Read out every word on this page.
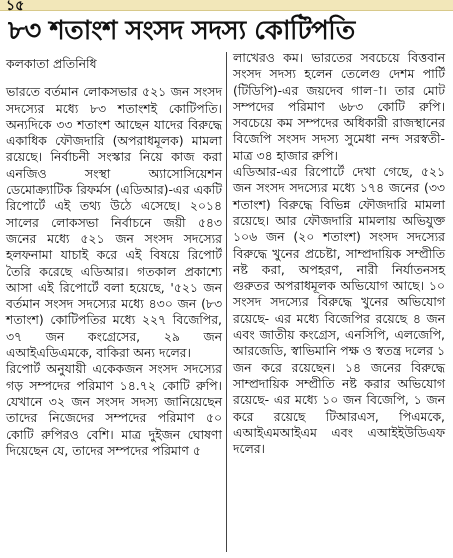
১৫
৮৩ শতাংশ সংসদ সদস্য কোটিপতি
কলকাতা প্রতিনিধি

ভারতে বর্তমান লোকসভার ৫২১ জন সংসদ সদস্যের মধ্যে ৮৩ শতাংশই কোটিপতি। অন্যদিকে ৩৩ শতাংশ আছেন যাদের বিরুদ্ধে একাধিক ফৌজদারি (অপরাধমূলক) মামলা রয়েছে। নির্বাচনী সংস্কার নিয়ে কাজ করা এনজিও সংস্থা অ্যাসোসিয়েশন ডেমোক্র্যাটিক রিফর্মস (এডিআর)-এর একটি রিপোর্টে এই তথ্য উঠে এসেছে। ২০১৪ সালের লোকসভা নির্বাচনে জয়ী ৫৪৩ জনের মধ্যে ৫২১ জন সংসদ সদস্যের হলফনামা যাচাই করে এই বিষয়ে রিপোর্ট তৈরি করেছে এডিআর। গতকাল প্রকাশ্যে আসা এই রিপোর্টে বলা হয়েছে, '৫২১ জন বর্তমান সংসদ সদস্যের মধ্যে ৪৩০ জন (৮৩ শতাংশ) কোটিপতির মধ্যে ২২৭ বিজেপির, ৩৭ জন কংগ্রেসের, ২৯ জন এআইএডিএমকে, বাকিরা অন্য দলের।

রিপোর্ট অনুযায়ী একেকজন সংসদ সদস্যের গড় সম্পদের পরিমাণ ১৪.৭২ কোটি রুপি। যেখানে ৩২ জন সংসদ সদস্য জানিয়েছেন তাদের নিজেদের সম্পদের পরিমাণ ৫০ কোটি রুপিরও বেশি। মাত্র দুইজন ঘোষণা দিয়েছেন যে, তাদের সম্পদের পরিমাণ ৫

লাখেরও কম। ভারতের সবচেয়ে বিত্তবান সংসদ সদস্য হলেন তেলেগু দেশম পার্টি (টিডিপি)-এর জয়দেব গাল-া। তার মোট সম্পদের পরিমাণ ৬৮৩ কোটি রুপি। সবচেয়ে কম সম্পদের অধিকারী রাজস্থানের বিজেপি সংসদ সদস্য সুমেধা নন্দ সরস্বতী-মাত্র ৩৪ হাজার রুপি।

এডিআর-এর রিপোর্টে দেখা গেছে, ৫২১ জন সংসদ সদস্যের মধ্যে ১৭৪ জনের (৩৩ শতাংশ) বিরুদ্ধে বিভিন্ন ফৌজদারি মামলা রয়েছে। আর ফৌজদারি মামলায় অভিযুক্ত ১০৬ জন (২০ শতাংশ) সংসদ সদস্যের বিরুদ্ধে খুনের প্রচেষ্টা, সাম্প্রদায়িক সম্প্রীতি নষ্ট করা, অপহরণ, নারী নির্যাতনসহ গুরুতর অপরাধমূলক অভিযোগ আছে। ১০ সংসদ সদস্যের বিরুদ্ধে খুনের অভিযোগ রয়েছে- এর মধ্যে বিজেপির রয়েছে ৪ জন এবং জাতীয় কংগ্রেস, এনসিপি, এলজেপি, আরজেডি, স্বাভিমানি পক্ষ ও স্বতন্ত্র দলের ১ জন করে রয়েছেন। ১৪ জনের বিরুদ্ধে সাম্প্রদায়িক সম্প্রীতি নষ্ট করার অভিযোগ রয়েছে- এর মধ্যে ১০ জন বিজেপি, ১ জন করে রয়েছে টিআরএস, পিএমকে, এআইএমআইএম এবং এআইইউডিএফ দলের।
